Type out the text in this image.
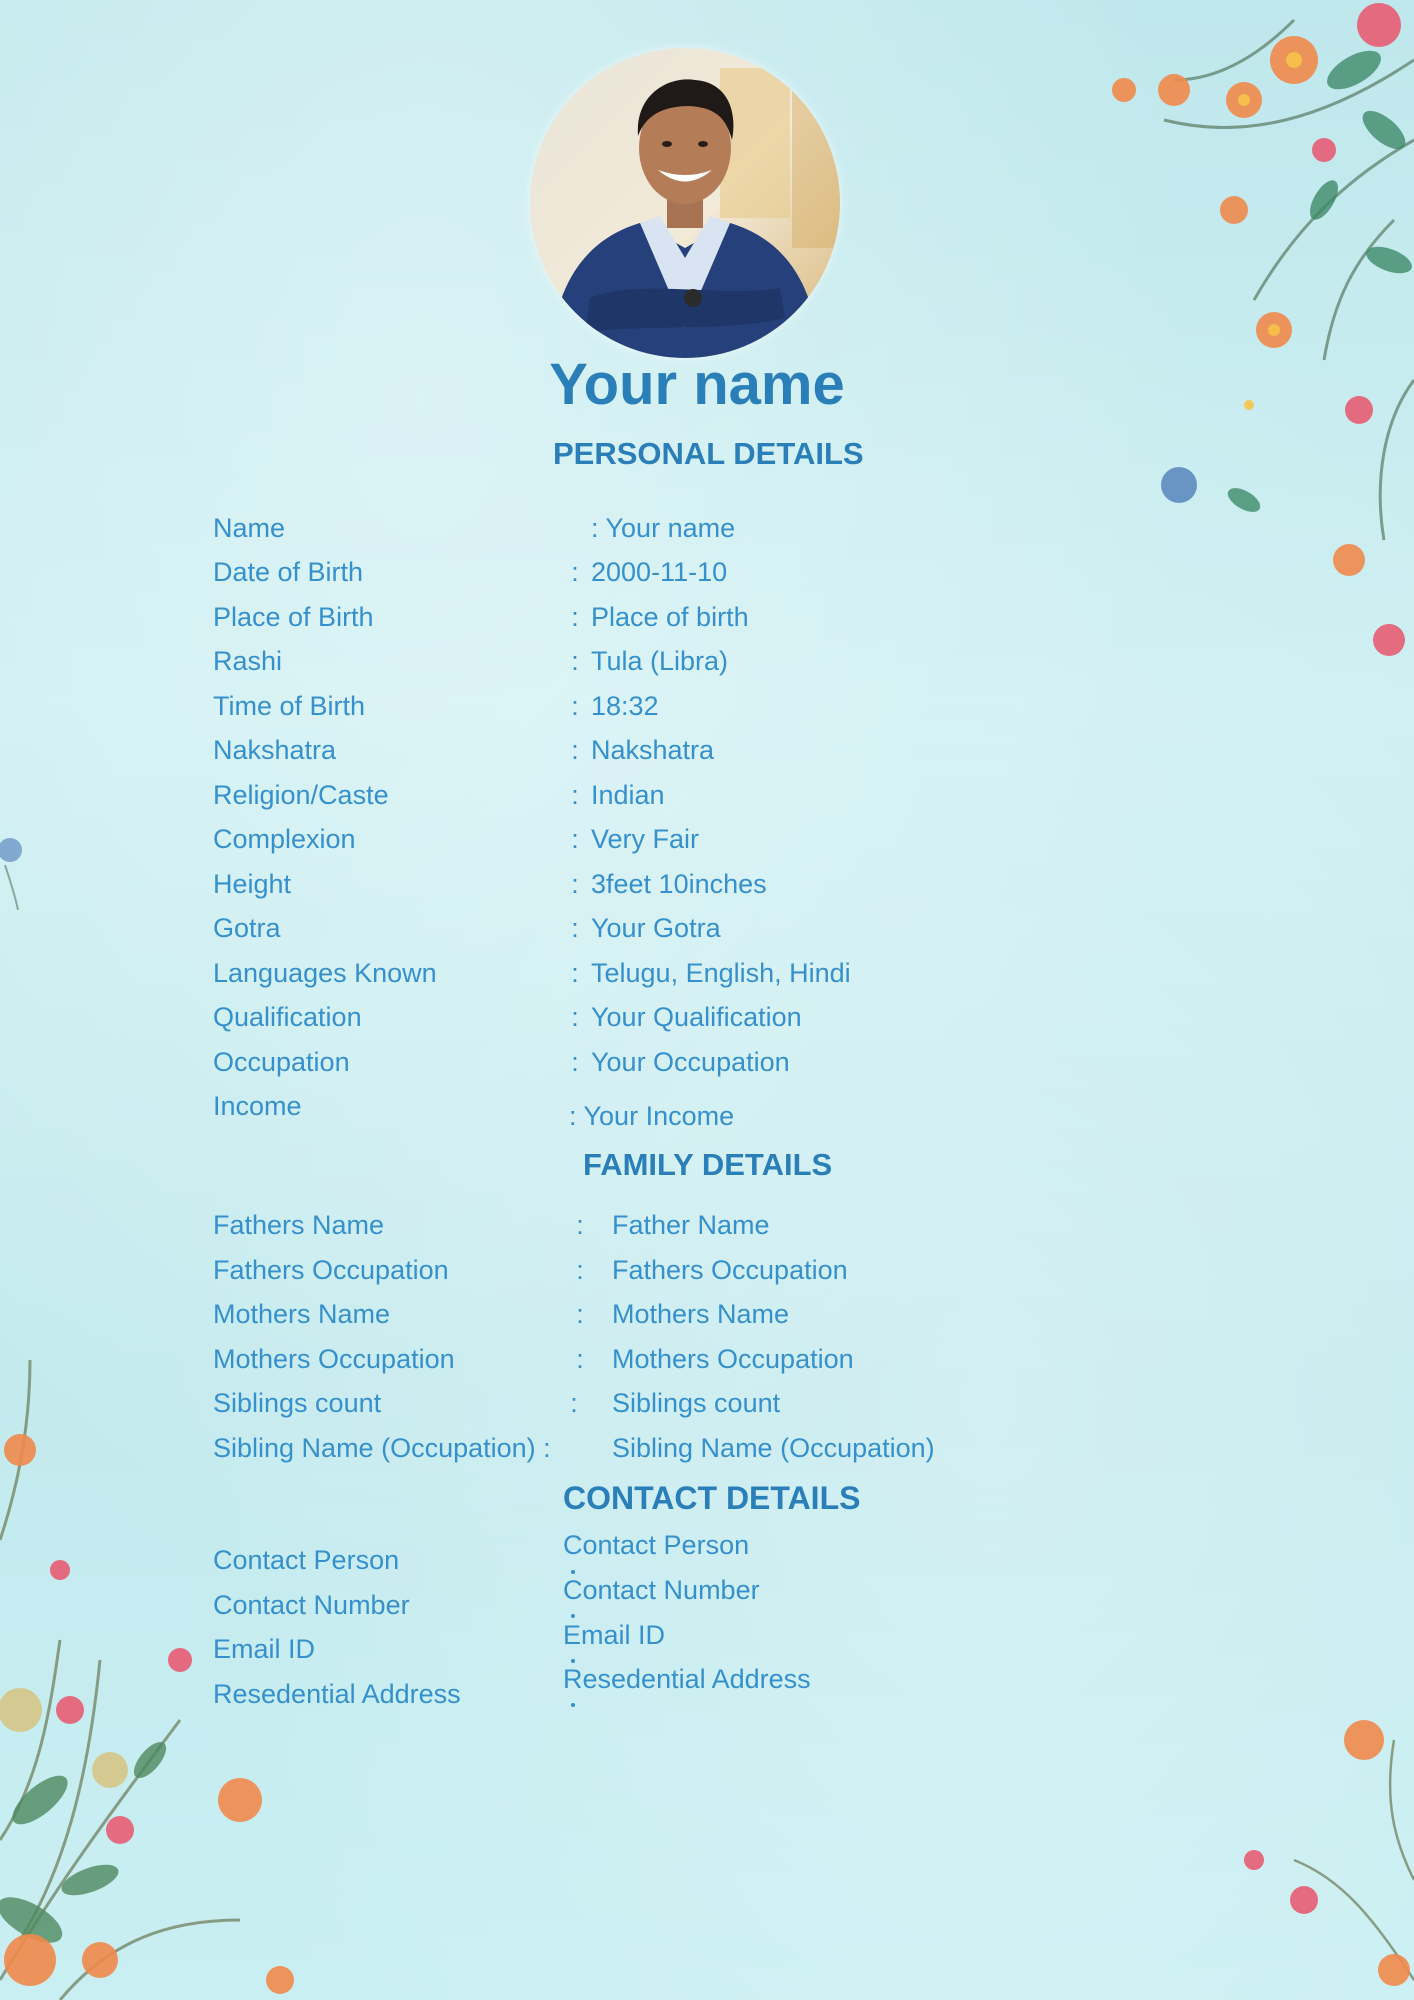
Your name
PERSONAL DETAILS
Name	: Your name
Date of Birth	: 2000-11-10
Place of Birth	: Place of birth
Rashi	: Tula (Libra)
Time of Birth	: 18:32
Nakshatra	: Nakshatra
Religion/Caste	: Indian
Complexion	: Very Fair
Height	: 3feet 10inches
Gotra	: Your Gotra
Languages Known	: Telugu, English, Hindi
Qualification	: Your Qualification
Occupation	: Your Occupation
Income	: Your Income
FAMILY DETAILS
Fathers Name	: Father Name
Fathers Occupation	: Fathers Occupation
Mothers Name	: Mothers Name
Mothers Occupation	: Mothers Occupation
Siblings count	: Siblings count
Sibling Name (Occupation) : Sibling Name (Occupation)
CONTACT DETAILS
Contact Person	Contact Person
Contact Number	Contact Number
Email ID	Email ID
Resedential Address	Resedential Address
